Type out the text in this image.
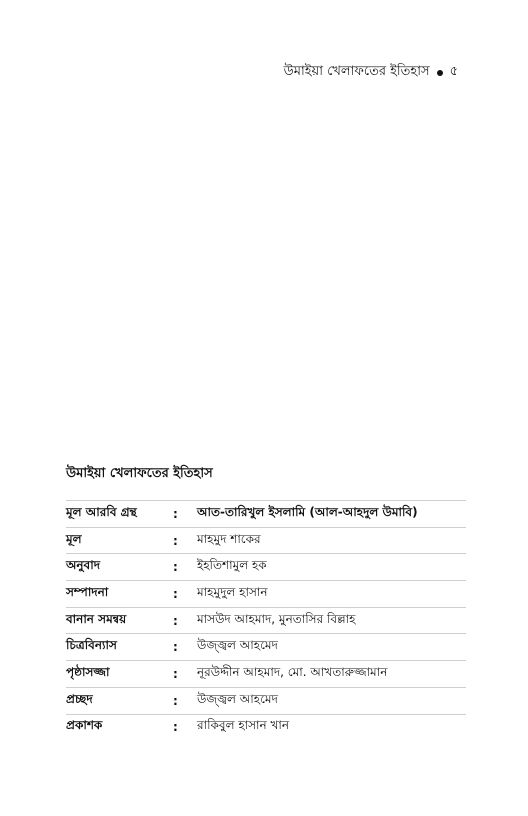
উমাইয়া খেলাফতের ইতিহাস ৫
উমাইয়া খেলাফতের ইতিহাস
মূল আরবি গ্রন্থ	:	আত-তারিখুল ইসলামি (আল-আহদুল উমাবি)
মূল	:	মাহমুদ শাকের
অনুবাদ	:	ইহতিশামুল হক
সম্পাদনা	:	মাহমুদুল হাসান
বানান সমন্বয়	:	মাসউদ আহমাদ, মুনতাসির বিল্লাহ
চিত্রবিন্যাস	:	উজ্জ্বল আহমেদ
পৃষ্ঠাসজ্জা	:	নূরউদ্দীন আহমাদ, মো. আখতারুজ্জামান
প্রচ্ছদ	:	উজ্জ্বল আহমেদ
প্রকাশক	:	রাকিবুল হাসান খান
